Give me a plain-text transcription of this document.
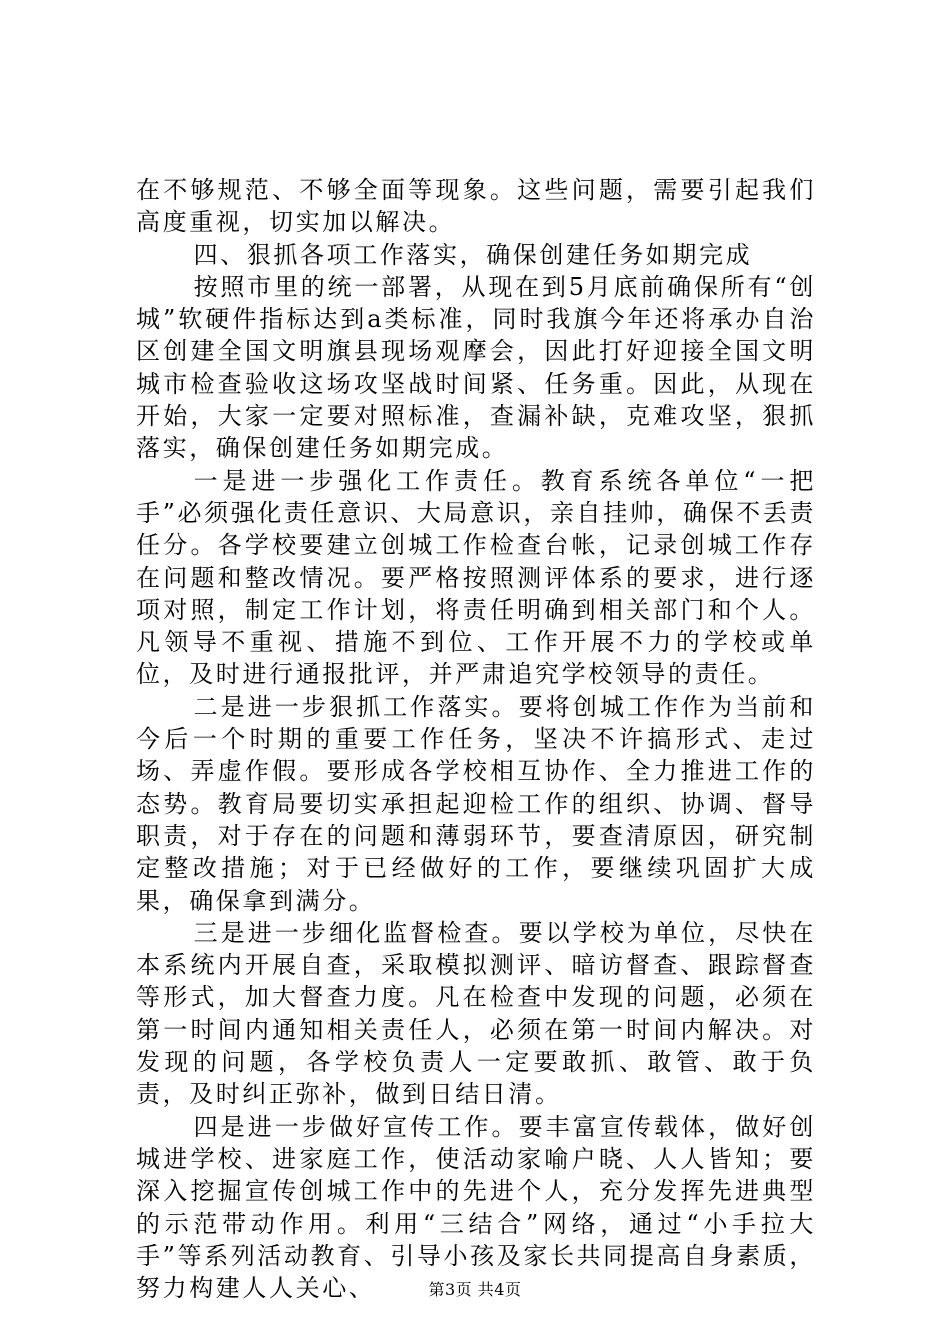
在不够规范、不够全面等现象。这些问题，需要引起我们高度重视，切实加以解决。

四、狠抓各项工作落实，确保创建任务如期完成

按照市里的统一部署，从现在到5月底前确保所有“创城”软硬件指标达到a类标准，同时我旗今年还将承办自治区创建全国文明旗县现场观摩会，因此打好迎接全国文明城市检查验收这场攻坚战时间紧、任务重。因此，从现在开始，大家一定要对照标准，查漏补缺，克难攻坚，狠抓落实，确保创建任务如期完成。

一是进一步强化工作责任。教育系统各单位“一把手”必须强化责任意识、大局意识，亲自挂帅，确保不丢责任分。各学校要建立创城工作检查台帐，记录创城工作存在问题和整改情况。要严格按照测评体系的要求，进行逐项对照，制定工作计划，将责任明确到相关部门和个人。凡领导不重视、措施不到位、工作开展不力的学校或单位，及时进行通报批评，并严肃追究学校领导的责任。

二是进一步狠抓工作落实。要将创城工作作为当前和今后一个时期的重要工作任务，坚决不许搞形式、走过场、弄虚作假。要形成各学校相互协作、全力推进工作的态势。教育局要切实承担起迎检工作的组织、协调、督导职责，对于存在的问题和薄弱环节，要查清原因，研究制定整改措施；对于已经做好的工作，要继续巩固扩大成果，确保拿到满分。

三是进一步细化监督检查。要以学校为单位，尽快在本系统内开展自查，采取模拟测评、暗访督查、跟踪督查等形式，加大督查力度。凡在检查中发现的问题，必须在第一时间内通知相关责任人，必须在第一时间内解决。对发现的问题，各学校负责人一定要敢抓、敢管、敢于负责，及时纠正弥补，做到日结日清。

四是进一步做好宣传工作。要丰富宣传载体，做好创城进学校、进家庭工作，使活动家喻户晓、人人皆知；要深入挖掘宣传创城工作中的先进个人，充分发挥先进典型的示范带动作用。利用“三结合”网络，通过“小手拉大手”等系列活动教育、引导小孩及家长共同提高自身素质，努力构建人人关心、	第3页 共4页
